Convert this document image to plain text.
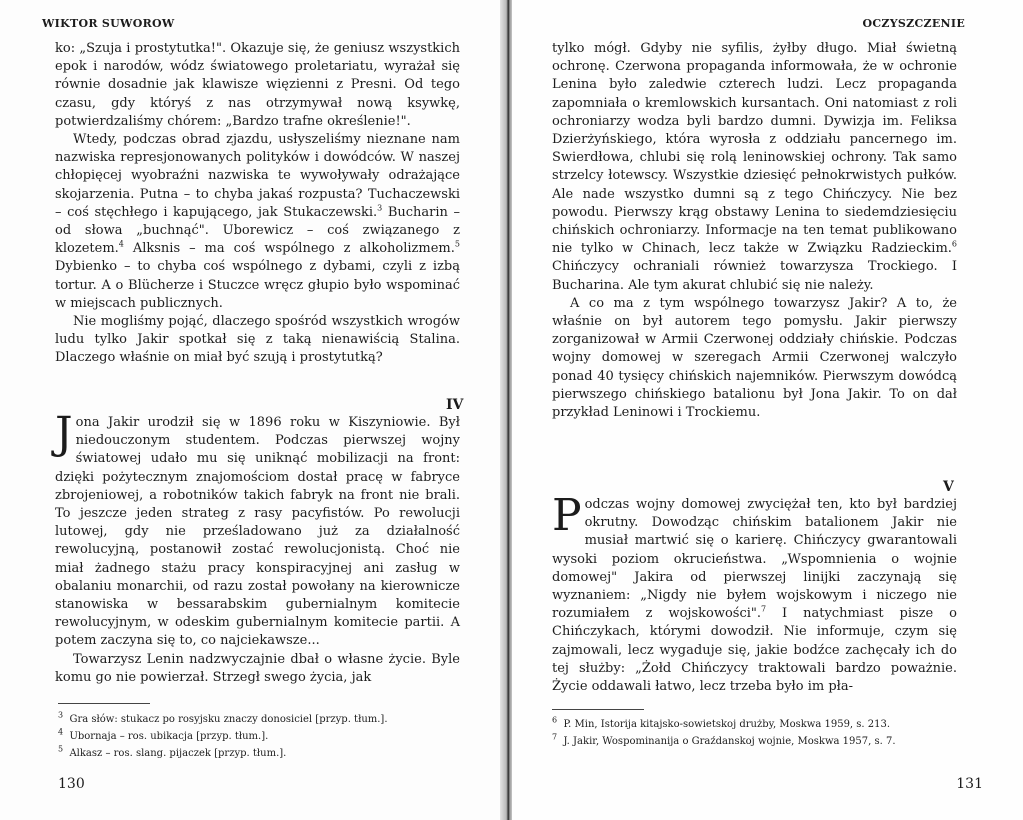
WIKTOR SUWOROW

ko: „Szuja i prostytutka!". Okazuje się, że geniusz wszystkich epok i narodów, wódz światowego proletariatu, wyrażał się równie dosadnie jak klawisze więzienni z Presni. Od tego czasu, gdy któryś z nas otrzymywał nową ksywkę, potwierdzaliśmy chórem: „Bardzo trafne określenie!".

Wtedy, podczas obrad zjazdu, usłyszeliśmy nieznane nam nazwiska represjonowanych polityków i dowódców. W naszej chłopięcej wyobraźni nazwiska te wywoływały odrażające skojarzenia. Putna – to chyba jakaś rozpusta? Tuchaczewski – coś stęchłego i kapującego, jak Stukaczewski.$^3$ Bucharin – od słowa „buchnąć". Uborewicz – coś związanego z klozetem.$^4$ Alksnis – ma coś wspólnego z alkoholizmem.$^5$ Dybienko – to chyba coś wspólnego z dybami, czyli z izbą tortur. A o Blücherze i Stuczce wręcz głupio było wspominać w miejscach publicznych.

Nie mogliśmy pojąć, dlaczego spośród wszystkich wrogów ludu tylko Jakir spotkał się z taką nienawiścią Stalina. Dlaczego właśnie on miał być szują i prostytutką?

IV

Jona Jakir urodził się w 1896 roku w Kiszyniowie. Był niedouczonym studentem. Podczas pierwszej wojny światowej udało mu się uniknąć mobilizacji na front: dzięki pożytecznym znajomościom dostał pracę w fabryce zbrojeniowej, a robotników takich fabryk na front nie brali. To jeszcze jeden strateg z rasy pacyfistów. Po rewolucji lutowej, gdy nie prześladowano już za działalność rewolucyjną, postanowił zostać rewolucjonistą. Choć nie miał żadnego stażu pracy konspiracyjnej ani zasług w obalaniu monarchii, od razu został powołany na kierownicze stanowiska w bessarabskim gubernialnym komitecie rewolucyjnym, w odeskim gubernialnym komitecie partii. A potem zaczyna się to, co najciekawsze...

Towarzysz Lenin nadzwyczajnie dbał o własne życie. Byle komu go nie powierzał. Strzegł swego życia, jak

$^3$ Gra słów: stukacz po rosyjsku znaczy donosiciel [przyp. tłum.].

$^4$ Ubornaja – ros. ubikacja [przyp. tłum.].

$^5$ Alkasz – ros. slang. pijaczek [przyp. tłum.].

130
OCZYSZCZENIE

tylko mógł. Gdyby nie syfilis, żyłby długo. Miał świetną ochronę. Czerwona propaganda informowała, że w ochronie Lenina było zaledwie czterech ludzi. Lecz propaganda zapomniała o kremlowskich kursantach. Oni natomiast z roli ochroniarzy wodza byli bardzo dumni. Dywizja im. Feliksa Dzierżyńskiego, która wyrosła z oddziału pancernego im. Swierdłowa, chlubi się rolą leninowskiej ochrony. Tak samo strzelcy łotewscy. Wszystkie dziesięć pełnokrwistych pułków. Ale nade wszystko dumni są z tego Chińczycy. Nie bez powodu. Pierwszy krąg obstawy Lenina to siedemdziesięciu chińskich ochroniarzy. Informacje na ten temat publikowano nie tylko w Chinach, lecz także w Związku Radzieckim.$^6$ Chińczycy ochraniali również towarzysza Trockiego. I Bucharina. Ale tym akurat chlubić się nie należy.

A co ma z tym wspólnego towarzysz Jakir? A to, że właśnie on był autorem tego pomysłu. Jakir pierwszy zorganizował w Armii Czerwonej oddziały chińskie. Podczas wojny domowej w szeregach Armii Czerwonej walczyło ponad 40 tysięcy chińskich najemników. Pierwszym dowódcą pierwszego chińskiego batalionu był Jona Jakir. To on dał przykład Leninowi i Trockiemu.

V

Podczas wojny domowej zwyciężał ten, kto był bardziej okrutny. Dowodząc chińskim batalionem Jakir nie musiał martwić się o karierę. Chińczycy gwarantowali wysoki poziom okrucieństwa. „Wspomnienia o wojnie domowej" Jakira od pierwszej linijki zaczynają się wyznaniem: „Nigdy nie byłem wojskowym i niczego nie rozumiałem z wojskowości".$^7$ I natychmiast pisze o Chińczykach, którymi dowodził. Nie informuje, czym się zajmowali, lecz wygaduje się, jakie bodźce zachęcały ich do tej służby: „Żołd Chińczycy traktowali bardzo poważnie. Życie oddawali łatwo, lecz trzeba było im pła-

$^6$ P. Min, Istorija kitajsko-sowietskoj drużby, Moskwa 1959, s. 213.

$^7$ J. Jakir, Wospominanija o Graźdanskoj wojnie, Moskwa 1957, s. 7.

131
